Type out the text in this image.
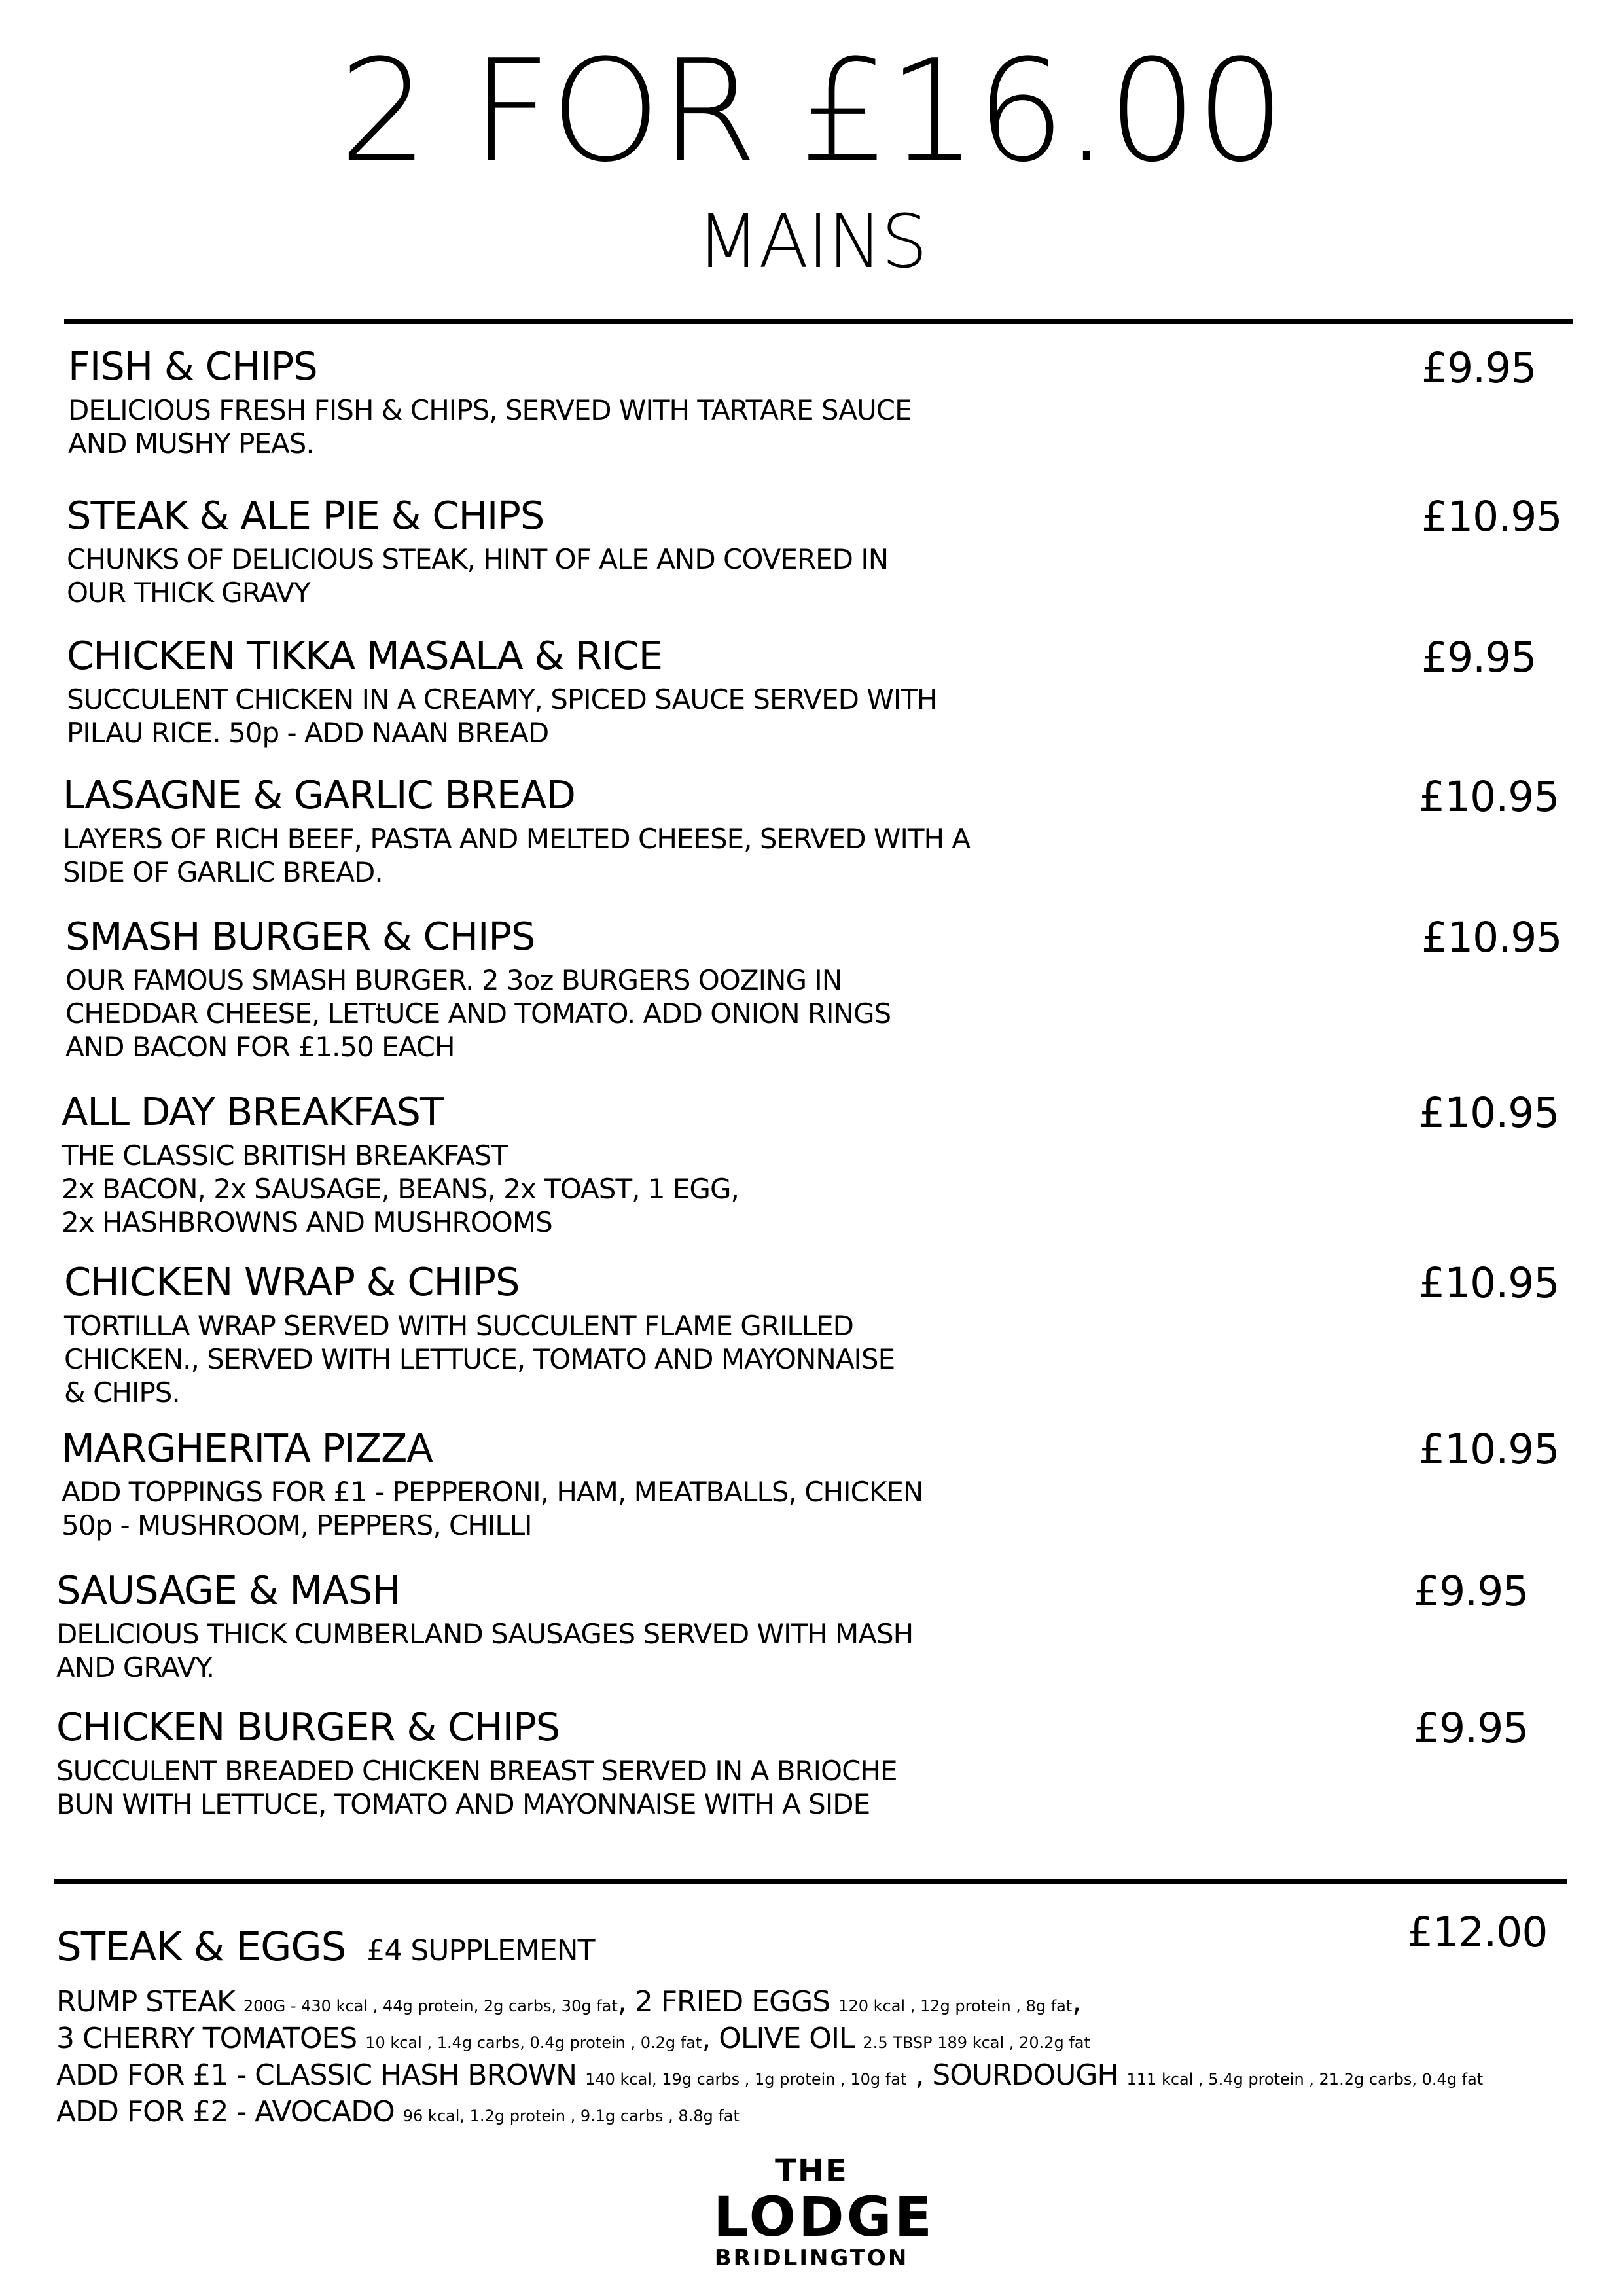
2 FOR £16.00
MAINS
FISH & CHIPS
DELICIOUS FRESH FISH & CHIPS, SERVED WITH TARTARE SAUCE
AND MUSHY PEAS.
£9.95
STEAK & ALE PIE & CHIPS
CHUNKS OF DELICIOUS STEAK, HINT OF ALE AND COVERED IN
OUR THICK GRAVY
£10.95
CHICKEN TIKKA MASALA & RICE
SUCCULENT CHICKEN IN A CREAMY, SPICED SAUCE SERVED WITH
PILAU RICE. 50p - ADD NAAN BREAD
£9.95
LASAGNE & GARLIC BREAD
LAYERS OF RICH BEEF, PASTA AND MELTED CHEESE, SERVED WITH A
SIDE OF GARLIC BREAD.
£10.95
SMASH BURGER & CHIPS
OUR FAMOUS SMASH BURGER. 2 3oz BURGERS OOZING IN
CHEDDAR CHEESE, LETtUCE AND TOMATO. ADD ONION RINGS
AND BACON FOR £1.50 EACH
£10.95
ALL DAY BREAKFAST
THE CLASSIC BRITISH BREAKFAST
2x BACON, 2x SAUSAGE, BEANS, 2x TOAST, 1 EGG,
2x HASHBROWNS AND MUSHROOMS
£10.95
CHICKEN WRAP & CHIPS
TORTILLA WRAP SERVED WITH SUCCULENT FLAME GRILLED
CHICKEN., SERVED WITH LETTUCE, TOMATO AND MAYONNAISE
& CHIPS.
£10.95
MARGHERITA PIZZA
ADD TOPPINGS FOR £1 - PEPPERONI, HAM, MEATBALLS, CHICKEN
50p - MUSHROOM, PEPPERS, CHILLI
£10.95
SAUSAGE & MASH
DELICIOUS THICK CUMBERLAND SAUSAGES SERVED WITH MASH
AND GRAVY.
£9.95
CHICKEN BURGER & CHIPS
SUCCULENT BREADED CHICKEN BREAST SERVED IN A BRIOCHE
BUN WITH LETTUCE, TOMATO AND MAYONNAISE WITH A SIDE
£9.95
STEAK & EGGS £4 SUPPLEMENT
RUMP STEAK 200G - 430 kcal , 44g protein, 2g carbs, 30g fat, 2 FRIED EGGS 120 kcal , 12g protein , 8g fat,
3 CHERRY TOMATOES 10 kcal , 1.4g carbs, 0.4g protein , 0.2g fat, OLIVE OIL 2.5 TBSP 189 kcal , 20.2g fat
ADD FOR £1 - CLASSIC HASH BROWN 140 kcal, 19g carbs , 1g protein , 10g fat , SOURDOUGH 111 kcal , 5.4g protein , 21.2g carbs, 0.4g fat
ADD FOR £2 - AVOCADO 96 kcal, 1.2g protein , 9.1g carbs , 8.8g fat
£12.00
THE
LODGE
BRIDLINGTON
